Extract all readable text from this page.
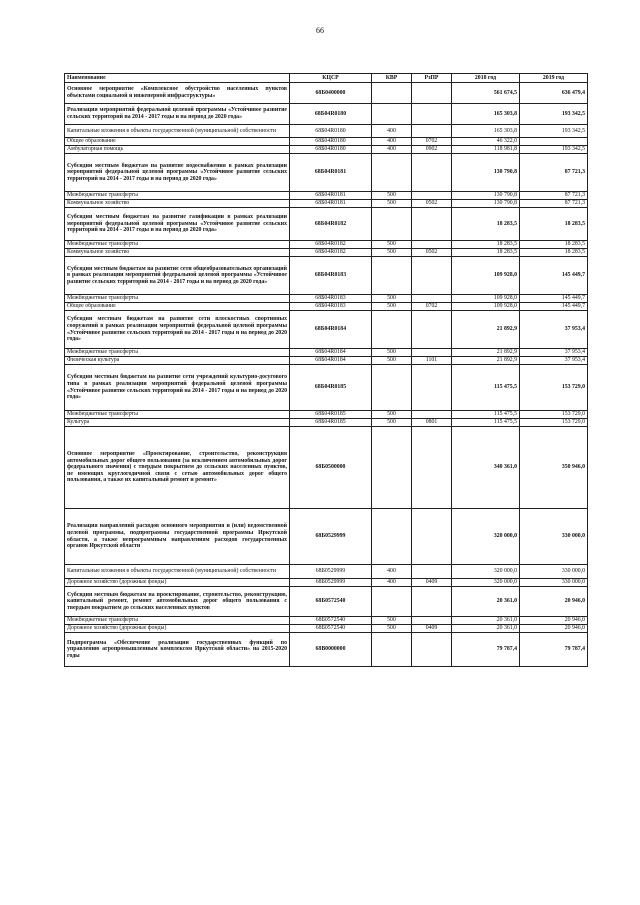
66
Наименование	КЦСР	КВР	РзПР	2018 год	2019 год
Основное мероприятие «Комплексное обустройство населенных пунктов объектами социальной и инженерной инфраструктуры»	68Б0400000			561 674,5	636 479,4
Реализация мероприятий федеральной целевой программы «Устойчивое развитие сельских территорий на 2014 - 2017 годы и на период до 2020 года»	68Б04R0180			165 303,8	193 342,5
Капитальные вложения в объекты государственной (муниципальной) собственности	68Б04R0180	400		165 303,8	193 342,5
Общее образование	68Б04R0180	400	0702	46 322,0	
Амбулаторная помощь	68Б04R0180	400	0902	118 981,8	193 342,5
Субсидии местным бюджетам на развитие водоснабжения в рамках реализации мероприятий федеральной целевой программы «Устойчивое развитие сельских территорий на 2014 - 2017 годы и на период до 2020 года»	68Б04R0181			130 790,8	87 721,3
Межбюджетные трансферты	68Б04R0181	500		130 790,8	87 721,3
Коммунальное хозяйство	68Б04R0181	500	0502	130 790,8	87 721,3
Субсидии местным бюджетам на развитие газификации в рамках реализации мероприятий федеральной целевой программы «Устойчивое развитие сельских территорий на 2014 - 2017 годы и на период до 2020 года»	68Б04R0182			18 283,5	18 283,5
Межбюджетные трансферты	68Б04R0182	500		18 283,5	18 283,5
Коммунальное хозяйство	68Б04R0182	500	0502	18 283,5	18 283,5
Субсидии местным бюджетам на развитие сети общеобразовательных организаций в рамках реализации мероприятий федеральной целевой программы «Устойчивое развитие сельских территорий на 2014 - 2017 годы и на период до 2020 года»	68Б04R0183			109 928,0	145 449,7
Межбюджетные трансферты	68Б04R0183	500		109 928,0	145 449,7
Общее образование	68Б04R0183	500	0702	109 928,0	145 449,7
Субсидии местным бюджетам на развитие сети плоскостных спортивных сооружений в рамках реализации мероприятий федеральной целевой программы «Устойчивое развитие сельских территорий на 2014 - 2017 годы и на период до 2020 года»	68Б04R0184			21 892,9	37 953,4
Межбюджетные трансферты	68Б04R0184	500		21 892,9	37 953,4
Физическая культура	68Б04R0184	500	1101	21 892,9	37 953,4
Субсидии местным бюджетам на развитие сети учреждений культурно-досугового типа в рамках реализации мероприятий федеральной целевой программы «Устойчивое развитие сельских территорий на 2014 - 2017 годы и на период до 2020 года»	68Б04R0185			115 475,5	153 729,0
Межбюджетные трансферты	68Б04R0185	500		115 475,5	153 729,0
Культура	68Б04R0185	500	0801	115 475,5	153 729,0
Основное мероприятие «Проектирование, строительство, реконструкция автомобильных дорог общего пользования (за исключением автомобильных дорог федерального значения) с твердым покрытием до сельских населенных пунктов, не имеющих круглогодичной связи с сетью автомобильных дорог общего пользования, а также их капитальный ремонт и ремонт»	68Б0500000			340 361,0	350 946,0
Реализация направлений расходов основного мероприятия и (или) ведомственной целевой программы, подпрограммы государственной программы Иркутской области, а также непрограммным направлениям расходов государственных органов Иркутской области	68Б0529999			320 000,0	330 000,0
Капитальные вложения в объекты государственной (муниципальной) собственности	68Б0529999	400		320 000,0	330 000,0
Дорожное хозяйство (дорожные фонды)	68Б0529999	400	0409	320 000,0	330 000,0
Субсидии местным бюджетам на проектирование, строительство, реконструкцию, капитальный ремонт, ремонт автомобильных дорог общего пользования с твердым покрытием до сельских населенных пунктов	68Б0572540			20 361,0	20 946,0
Межбюджетные трансферты	68Б0572540	500		20 361,0	20 946,0
Дорожное хозяйство (дорожные фонды)	68Б0572540	500	0409	20 361,0	20 946,0
Подпрограмма «Обеспечение реализации государственных функций по управлению агропромышленным комплексом Иркутской области» на 2015-2020 годы	68В0000000			79 787,4	79 787,4
